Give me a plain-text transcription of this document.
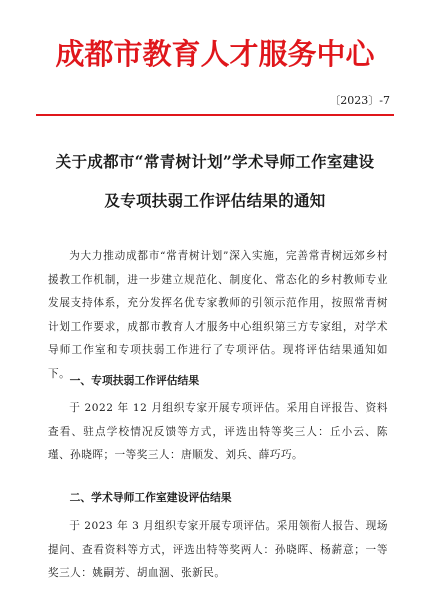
成都市教育人才服务中心
〔2023〕-7
关于成都市“常青树计划”学术导师工作室建设
及专项扶弱工作评估结果的通知
为大力推动成都市“常青树计划”深入实施，完善常青树远郊乡村援教工作机制，进一步建立规范化、制度化、常态化的乡村教师专业发展支持体系，充分发挥名优专家教师的引领示范作用，按照常青树计划工作要求，成都市教育人才服务中心组织第三方专家组，对学术导师工作室和专项扶弱工作进行了专项评估。现将评估结果通知如下。
一、专项扶弱工作评估结果
于 2022 年 12 月组织专家开展专项评估。采用自评报告、资料查看、驻点学校情况反馈等方式，评选出特等奖三人：丘小云、陈瑾、孙晓晖；一等奖三人：唐顺发、刘兵、薛巧巧。
二、学术导师工作室建设评估结果
于 2023 年 3 月组织专家开展专项评估。采用领衔人报告、现场提问、查看资料等方式，评选出特等奖两人：孙晓晖、杨薪意；一等奖三人：姚嗣芳、胡血涸、张新民。
